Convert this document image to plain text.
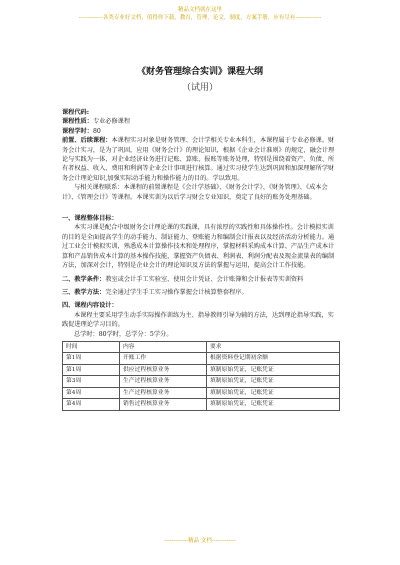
精品文档就在这里
-------------各类专业好文档，值得你下载，教育，管理，论文，制度，方案手册，应有尽有--------------
《财务管理综合实训》课程大纲
（试用）

课程代码:

课程性质：专业必修课程

课程学时：80

前置、后续课程：本课程实习对象是财务管理、会计学相关专业本科生，本课程属于专业必修课。财务会计实习，是为了巩固，应用《财务会计》的理论知识，根据《企业会计准则》的规定，融会计理论与实践为一体，对企业经济业务进行记账、算账、报账等账务处理，特别是围绕着资产、负债、所有者权益、收入、费用和利润等企业会计事项进行核算。通过实习使学生达到巩固和加深理解所学财务会计理论知识,加强实际动手能力和操作能力的目的。学以致用。

与相关课程联系：本课程的前置课程是《会计学基础》、《财务会计学》、《财务管理》、《成本会计》、《管理会计》等课程。本课实训为以后学习财会专业知识，奠定了良好的账务处理基础。

一、课程整体目标：

本实习课是配合中级财务会计理论课的实践课，具有浓厚的实践性和具体操作性。会计模拟实训的目的是全面提高学生的动手能力、制证能力、登账能力和编制会计报表以及经济活动分析能力。通过工业会计模拟实训，熟悉成本计算操作技术和处理程序，掌握材料采购成本计算、产品生产成本计算和产品销售成本计算的基本操作技能，掌握资产负债表、利润表、利润分配表及现金流量表的编制方法，加深对会计，特别是企业会计的理论知识及方法的掌握与运用，提高会计工作技能。

二、教学条件：教室或会计手工实验室，使用会计凭证、会计账簿和会计报表等实训资料

三、教学方法：完全通过学生手工实习操作掌握会计核算整套程序。

四、课程内容设计：

本课程主要采用学生动手实际操作训练为主、指导教师引导为辅的方法，达到理论指导实践，实践促进理论学习目的。

总学时：80学时，总学分：5学分。

时间	内容	要求
第1周	开账工作	根据资料登记期初余额
第1周	供应过程核算业务	填制原始凭证，记账凭证
第3周	生产过程核算业务	填制原始凭证，记账凭证
第4周	生产过程核算业务	填制原始凭证，记账凭证
第4周	销售过程核算业务	填制原始凭证，记账凭证
-------------精品 文档-------------
